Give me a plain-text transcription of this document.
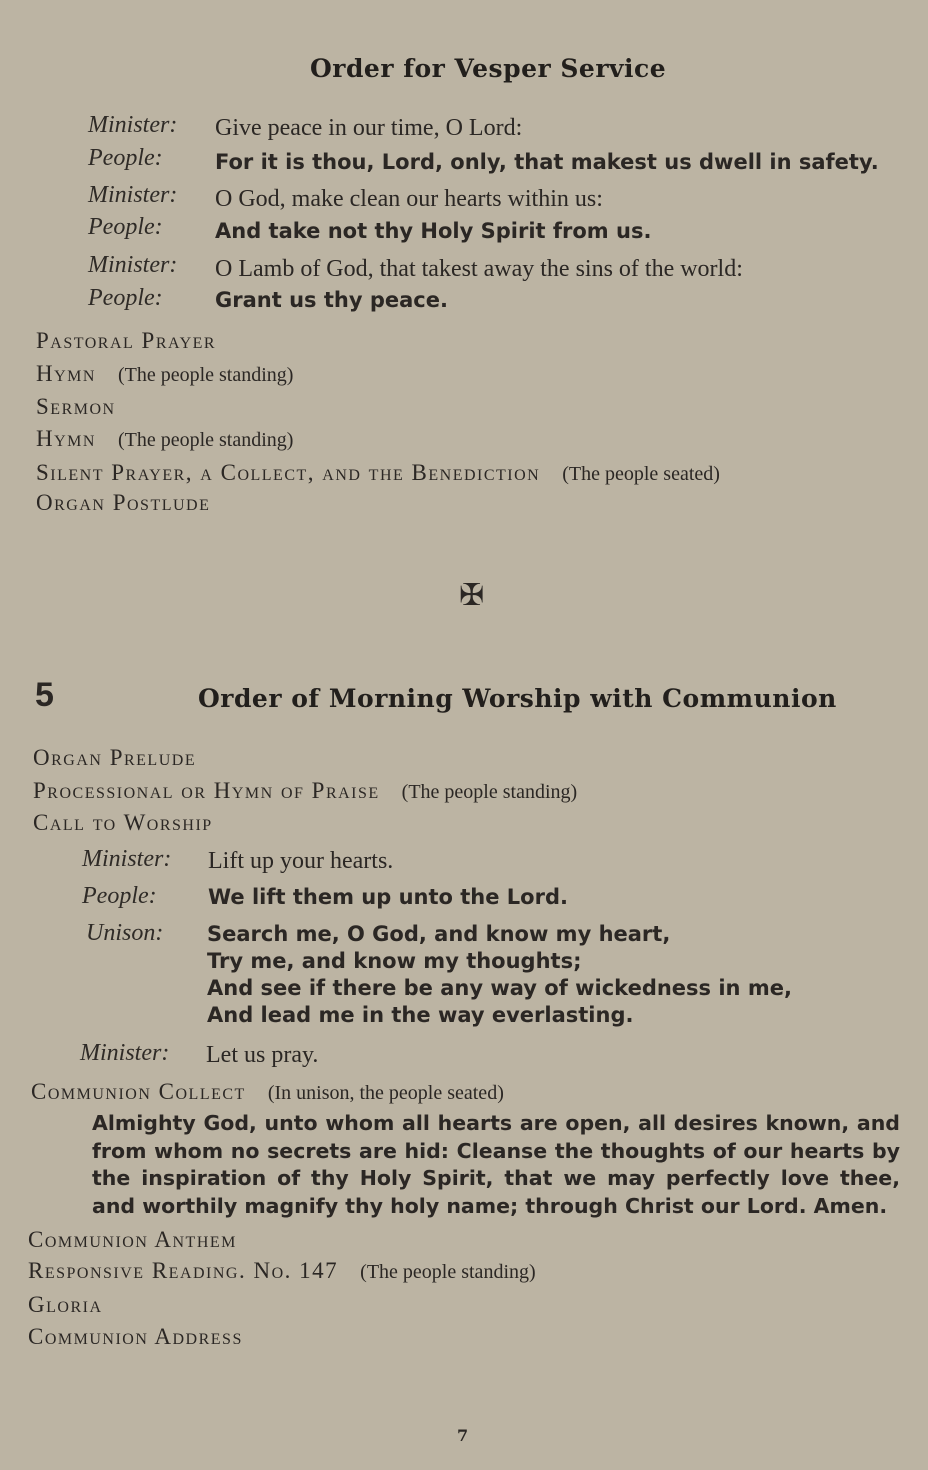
Order for Vesper Service
Minister: Give peace in our time, O Lord:
People: For it is thou, Lord, only, that makest us dwell in safety.
Minister: O God, make clean our hearts within us:
People: And take not thy Holy Spirit from us.
Minister: O Lamb of God, that takest away the sins of the world:
People: Grant us thy peace.
Pastoral Prayer
Hymn (The people standing)
Sermon
Hymn (The people standing)
Silent Prayer, a Collect, and the Benediction (The people seated)
Organ Postlude
✠
5	Order of Morning Worship with Communion
Organ Prelude
Processional or Hymn of Praise (The people standing)
Call to Worship
Minister: Lift up your hearts.
People: We lift them up unto the Lord.
Unison: Search me, O God, and know my heart,
Try me, and know my thoughts;
And see if there be any way of wickedness in me,
And lead me in the way everlasting.
Minister: Let us pray.
Communion Collect (In unison, the people seated)

Almighty God, unto whom all hearts are open, all desires known, and from whom no secrets are hid: Cleanse the thoughts of our hearts by the inspiration of thy Holy Spirit, that we may perfectly love thee, and worthily magnify thy holy name; through Christ our Lord. Amen.

Communion Anthem
Responsive Reading. No. 147 (The people standing)
Gloria
Communion Address
7
